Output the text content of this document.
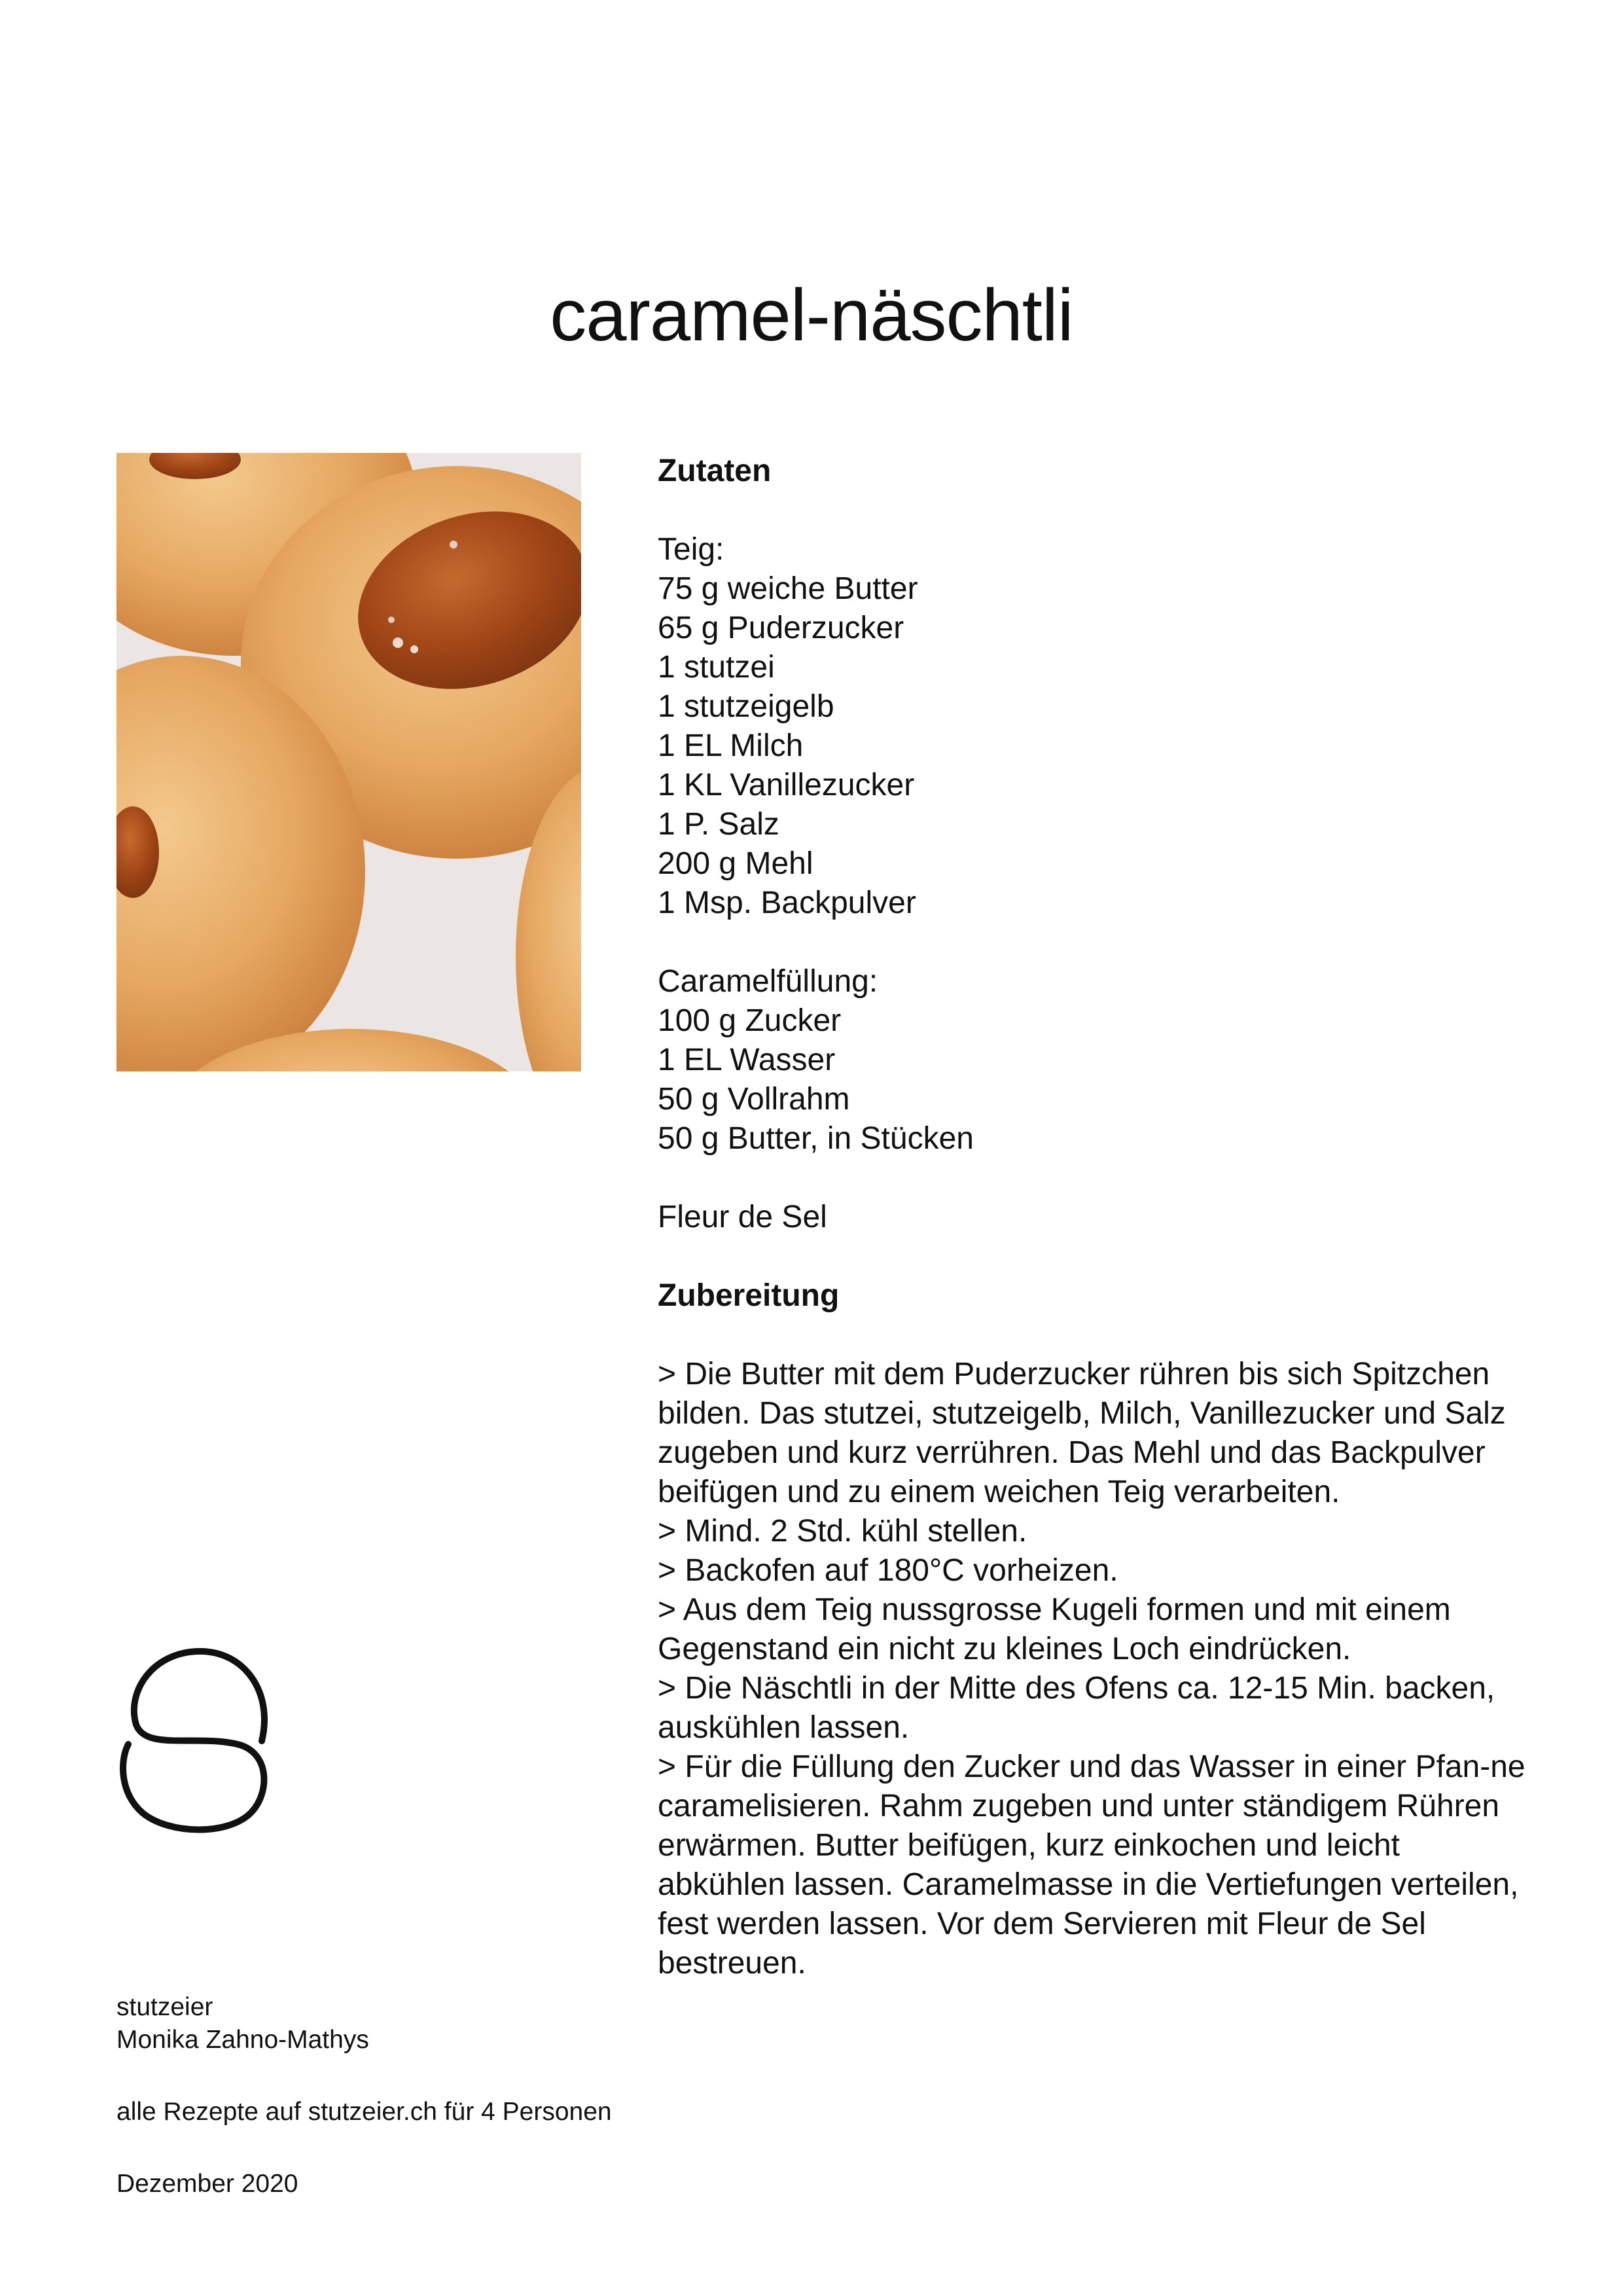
caramel-näschtli

Zutaten

Teig:

75 g weiche Butter

65 g Puderzucker

1 stutzei

1 stutzeigelb

1 EL Milch

1 KL Vanillezucker

1 P. Salz

200 g Mehl

1 Msp. Backpulver

Caramelfüllung:

100 g Zucker

1 EL Wasser

50 g Vollrahm

50 g Butter, in Stücken

Fleur de Sel

Zubereitung

> Die Butter mit dem Puderzucker rühren bis sich Spitzchen bilden. Das stutzei, stutzeigelb, Milch, Vanillezucker und Salz zugeben und kurz verrühren. Das Mehl und das Backpulver beifügen und zu einem weichen Teig verarbeiten.

> Mind. 2 Std. kühl stellen.

> Backofen auf 180°C vorheizen.

> Aus dem Teig nussgrosse Kugeli formen und mit einem Gegenstand ein nicht zu kleines Loch eindrücken.

> Die Näschtli in der Mitte des Ofens ca. 12-15 Min. backen, auskühlen lassen.

> Für die Füllung den Zucker und das Wasser in einer Pfan-ne caramelisieren. Rahm zugeben und unter ständigem Rühren erwärmen. Butter beifügen, kurz einkochen und leicht abkühlen lassen. Caramelmasse in die Vertiefungen verteilen, fest werden lassen. Vor dem Servieren mit Fleur de Sel bestreuen.

stutzeier

Monika Zahno-Mathys

alle Rezepte auf stutzeier.ch für 4 Personen

Dezember 2020
